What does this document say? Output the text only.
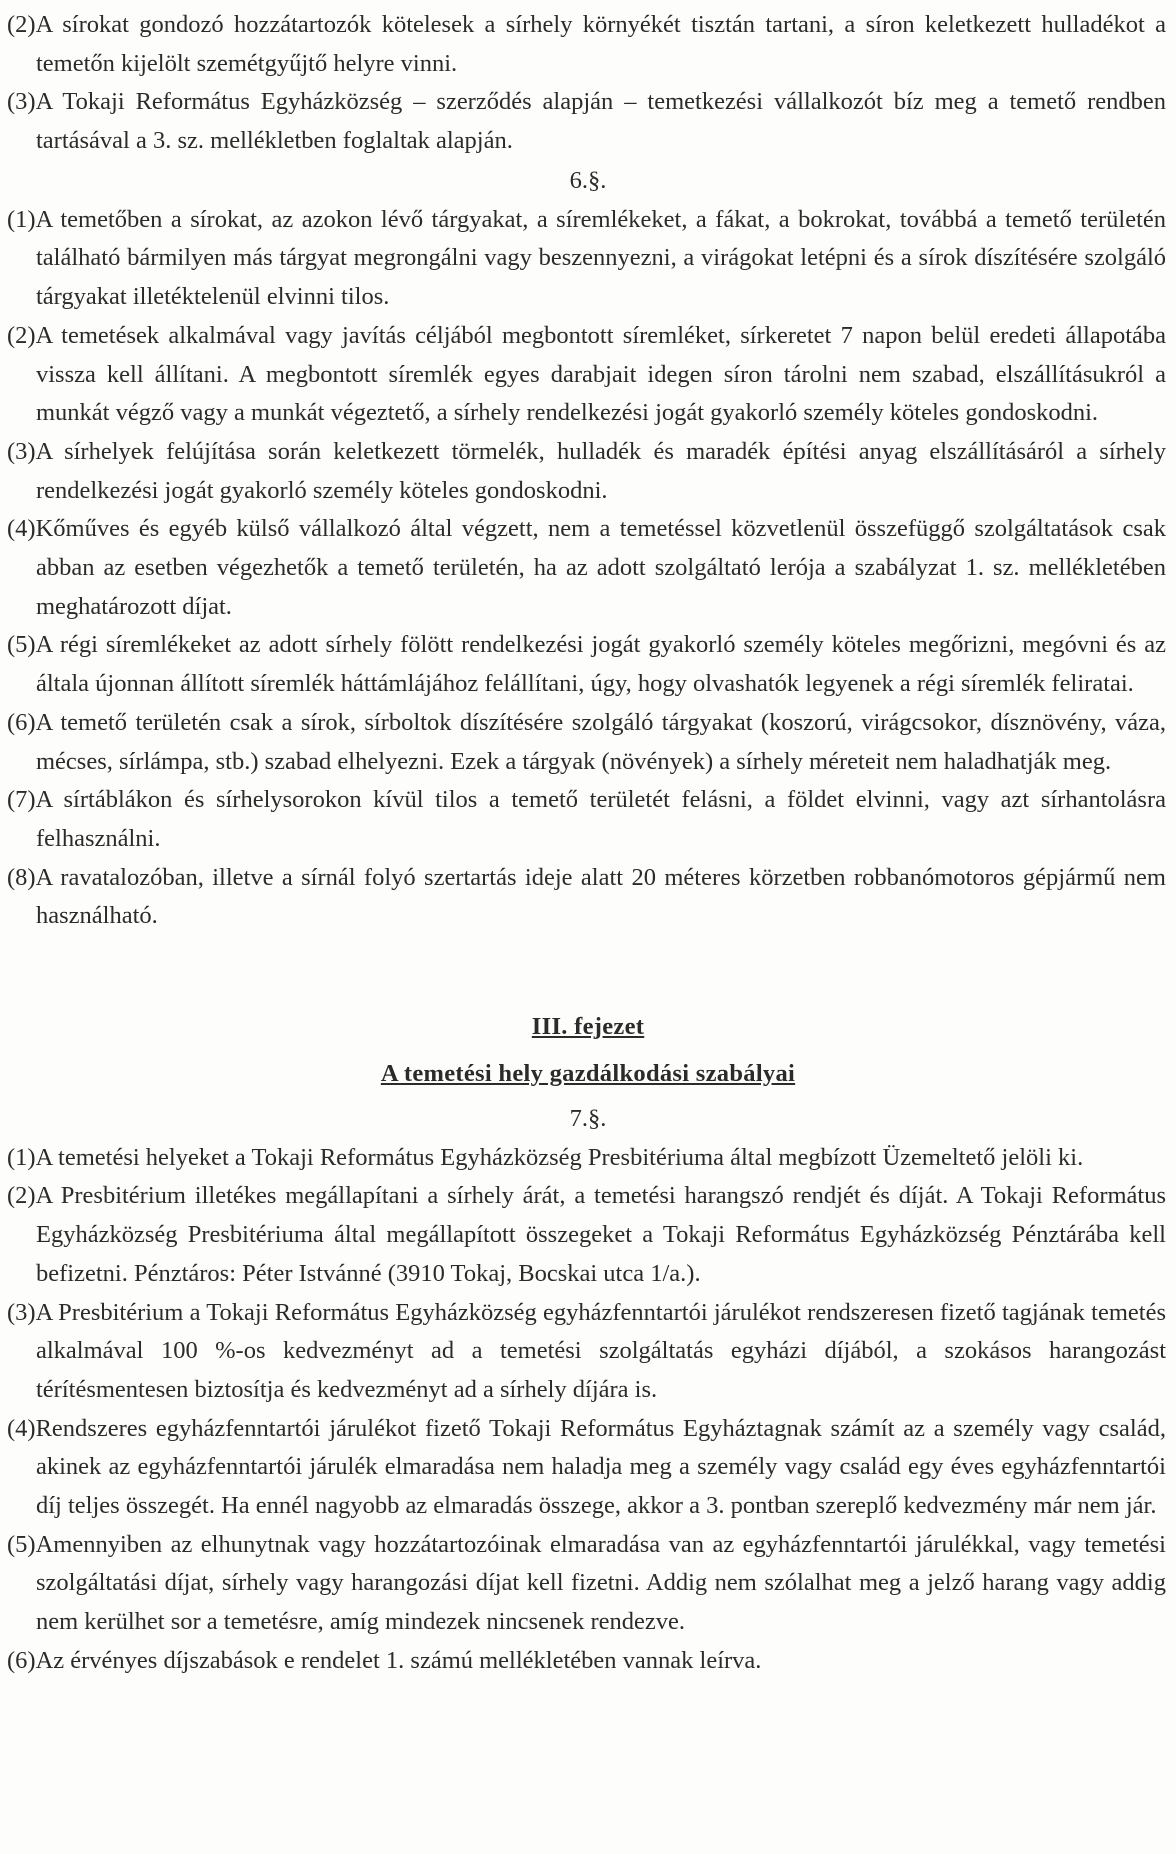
(2)A sírokat gondozó hozzátartozók kötelesek a sírhely környékét tisztán tartani, a síron keletkezett hulladékot a temetőn kijelölt szemétgyűjtő helyre vinni.

(3)A Tokaji Református Egyházközség – szerződés alapján – temetkezési vállalkozót bíz meg a temető rendben tartásával a 3. sz. mellékletben foglaltak alapján.

6.§.

(1)A temetőben a sírokat, az azokon lévő tárgyakat, a síremlékeket, a fákat, a bokrokat, továbbá a temető területén található bármilyen más tárgyat megrongálni vagy beszennyezni, a virágokat letépni és a sírok díszítésére szolgáló tárgyakat illetéktelenül elvinni tilos.

(2)A temetések alkalmával vagy javítás céljából megbontott síremléket, sírkeretet 7 napon belül eredeti állapotába vissza kell állítani. A megbontott síremlék egyes darabjait idegen síron tárolni nem szabad, elszállításukról a munkát végző vagy a munkát végeztető, a sírhely rendelkezési jogát gyakorló személy köteles gondoskodni.

(3)A sírhelyek felújítása során keletkezett törmelék, hulladék és maradék építési anyag elszállításáról a sírhely rendelkezési jogát gyakorló személy köteles gondoskodni.

(4)Kőműves és egyéb külső vállalkozó által végzett, nem a temetéssel közvetlenül összefüggő szolgáltatások csak abban az esetben végezhetők a temető területén, ha az adott szolgáltató lerója a szabályzat 1. sz. mellékletében meghatározott díjat.

(5)A régi síremlékeket az adott sírhely fölött rendelkezési jogát gyakorló személy köteles megőrizni, megóvni és az általa újonnan állított síremlék háttámlájához felállítani, úgy, hogy olvashatók legyenek a régi síremlék feliratai.

(6)A temető területén csak a sírok, sírboltok díszítésére szolgáló tárgyakat (koszorú, virágcsokor, dísznövény, váza, mécses, sírlámpa, stb.) szabad elhelyezni. Ezek a tárgyak (növények) a sírhely méreteit nem haladhatják meg.

(7)A sírtáblákon és sírhelysorokon kívül tilos a temető területét felásni, a földet elvinni, vagy azt sírhantolásra felhasználni.

(8)A ravatalozóban, illetve a sírnál folyó szertartás ideje alatt 20 méteres körzetben robbanómotoros gépjármű nem használható.

III. fejezet

A temetési hely gazdálkodási szabályai

7.§.

(1)A temetési helyeket a Tokaji Református Egyházközség Presbitériuma által megbízott Üzemeltető jelöli ki.

(2)A Presbitérium illetékes megállapítani a sírhely árát, a temetési harangszó rendjét és díját. A Tokaji Református Egyházközség Presbitériuma által megállapított összegeket a Tokaji Református Egyházközség Pénztárába kell befizetni. Pénztáros: Péter Istvánné (3910 Tokaj, Bocskai utca 1/a.).

(3)A Presbitérium a Tokaji Református Egyházközség egyházfenntartói járulékot rendszeresen fizető tagjának temetés alkalmával 100 %-os kedvezményt ad a temetési szolgáltatás egyházi díjából, a szokásos harangozást térítésmentesen biztosítja és kedvezményt ad a sírhely díjára is.

(4)Rendszeres egyházfenntartói járulékot fizető Tokaji Református Egyháztagnak számít az a személy vagy család, akinek az egyházfenntartói járulék elmaradása nem haladja meg a személy vagy család egy éves egyházfenntartói díj teljes összegét. Ha ennél nagyobb az elmaradás összege, akkor a 3. pontban szereplő kedvezmény már nem jár.

(5)Amennyiben az elhunytnak vagy hozzátartozóinak elmaradása van az egyházfenntartói járulékkal, vagy temetési szolgáltatási díjat, sírhely vagy harangozási díjat kell fizetni. Addig nem szólalhat meg a jelző harang vagy addig nem kerülhet sor a temetésre, amíg mindezek nincsenek rendezve.

(6)Az érvényes díjszabások e rendelet 1. számú mellékletében vannak leírva.
